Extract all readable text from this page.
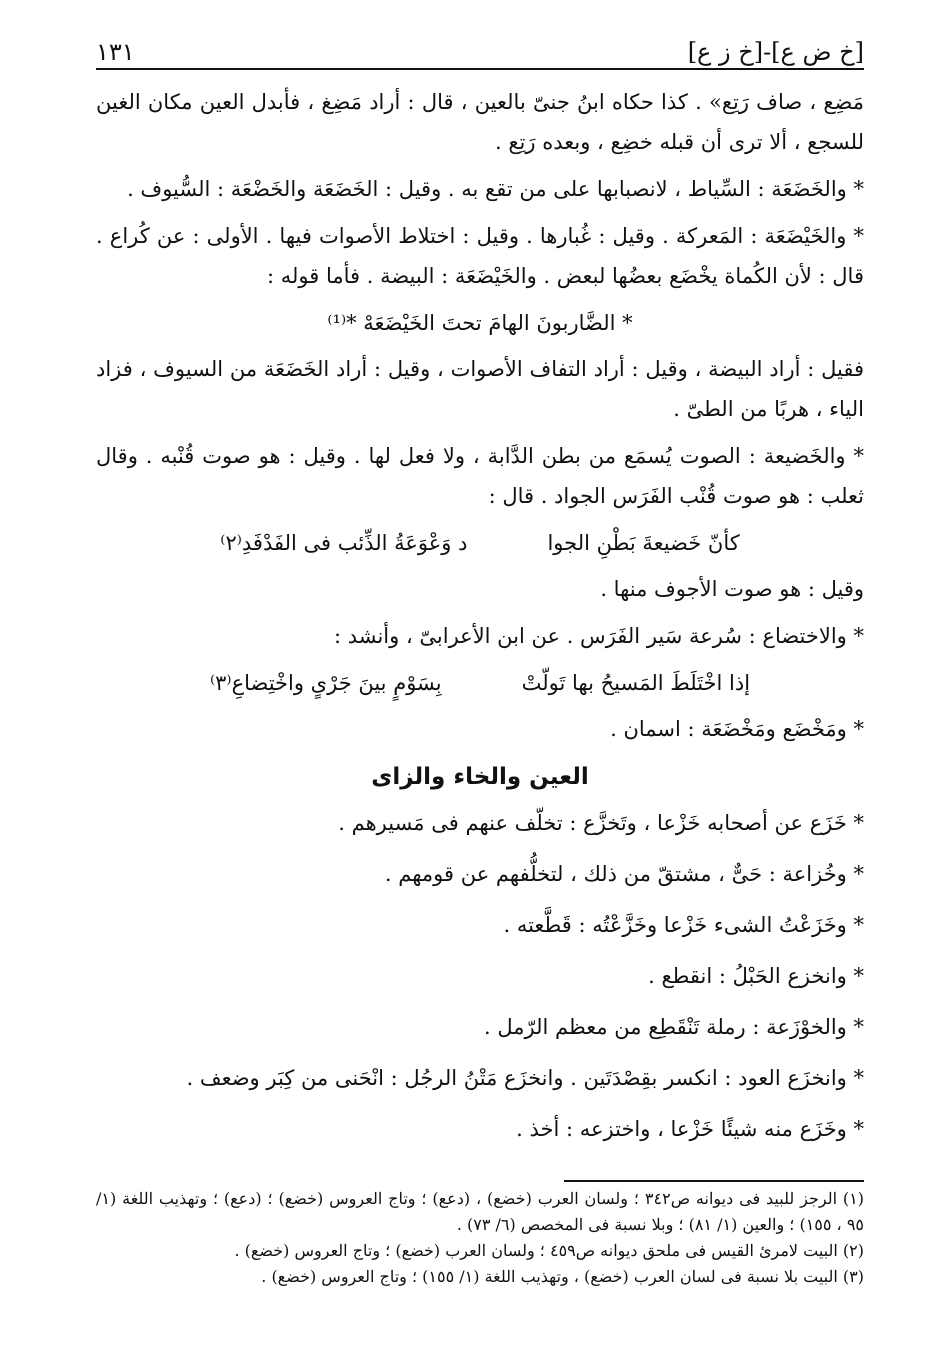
[خ ض ع]-[خ ز ع]
١٣١

مَضِع ، صاف رَتِع» . كذا حكاه ابنُ جنىّ بالعين ، قال : أراد مَضِغ ، فأبدل العين مكان الغين للسجع ، ألا ترى أن قبله خضِع ، وبعده رَتِع .

* والخَضَعَة : السِّياط ، لانصبابها على من تقع به . وقيل : الخَضَعَة والخَضْعَة : السُّيوف .

* والخَيْضَعَة : المَعركة . وقيل : غُبارها . وقيل : اختلاط الأصوات فيها . الأولى : عن كُراع . قال : لأن الكُماة يخْضَع بعضُها لبعض . والخَيْضَعَة : البيضة . فأما قوله :

* الضَّاربونَ الهامَ تحتَ الخَيْضَعَهْ *⁽¹⁾

فقيل : أراد البيضة ، وقيل : أراد التفاف الأصوات ، وقيل : أراد الخَضَعَة من السيوف ، فزاد الياء ، هربًا من الطىّ .

* والخَضيعة : الصوت يُسمَع من بطن الدَّابة ، ولا فعل لها . وقيل : هو صوت قُنْبه . وقال ثعلب : هو صوت قُنْب الفَرَس الجواد . قال :

كأنّ خَضيعةَ بَطْنِ الجوا
د وَعْوَعَةُ الذِّئب فى الفَدْفَدِ⁽٢⁾

وقيل : هو صوت الأجوف منها .

* والاختضاع : سُرعة سَير الفَرَس . عن ابن الأعرابىّ ، وأنشد :

إذا اخْتَلَطَ المَسيحُ بها تَولّتْ
بِسَوْمٍ بينَ جَرْىٍ واخْتِضاعِ⁽٣⁾

* ومَخْضَع ومَخْضَعَة : اسمان .

العين والخاء والزاى

* خَزَع عن أصحابه خَزْعا ، وتَخزَّع : تخلّف عنهم فى مَسيرهم .

* وخُزاعة : حَىٌّ ، مشتقّ من ذلك ، لتخلُّفهم عن قومهم .

* وخَزَعْتُ الشىء خَزْعا وخَزَّعْتُه : قَطَّعته .

* وانخزع الحَبْلُ : انقطع .

* والخوْزَعة : رملة تَنْقَطِع من معظم الرّمل .

* وانخزَع العود : انكسر بقِصْدَتَين . وانخزَع مَتْنُ الرجُل : انْحَنى من كِبَر وضعف .

* وخَزَع منه شيئًا خَزْعا ، واختزعه : أخذ .

(١) الرجز للبيد فى ديوانه ص٣٤٢ ؛ ولسان العرب (خضع) ، (دعع) ؛ وتاج العروس (خضع) ؛ (دعع) ؛ وتهذيب اللغة (١/ ٩٥ ، ١٥٥) ؛ والعين (١/ ٨١) ؛ وبلا نسبة فى المخصص (٦/ ٧٣) .
(٢) البيت لامرئ القيس فى ملحق ديوانه ص٤٥٩ ؛ ولسان العرب (خضع) ؛ وتاج العروس (خضع) .
(٣) البيت بلا نسبة فى لسان العرب (خضع) ، وتهذيب اللغة (١/ ١٥٥) ؛ وتاج العروس (خضع) .
